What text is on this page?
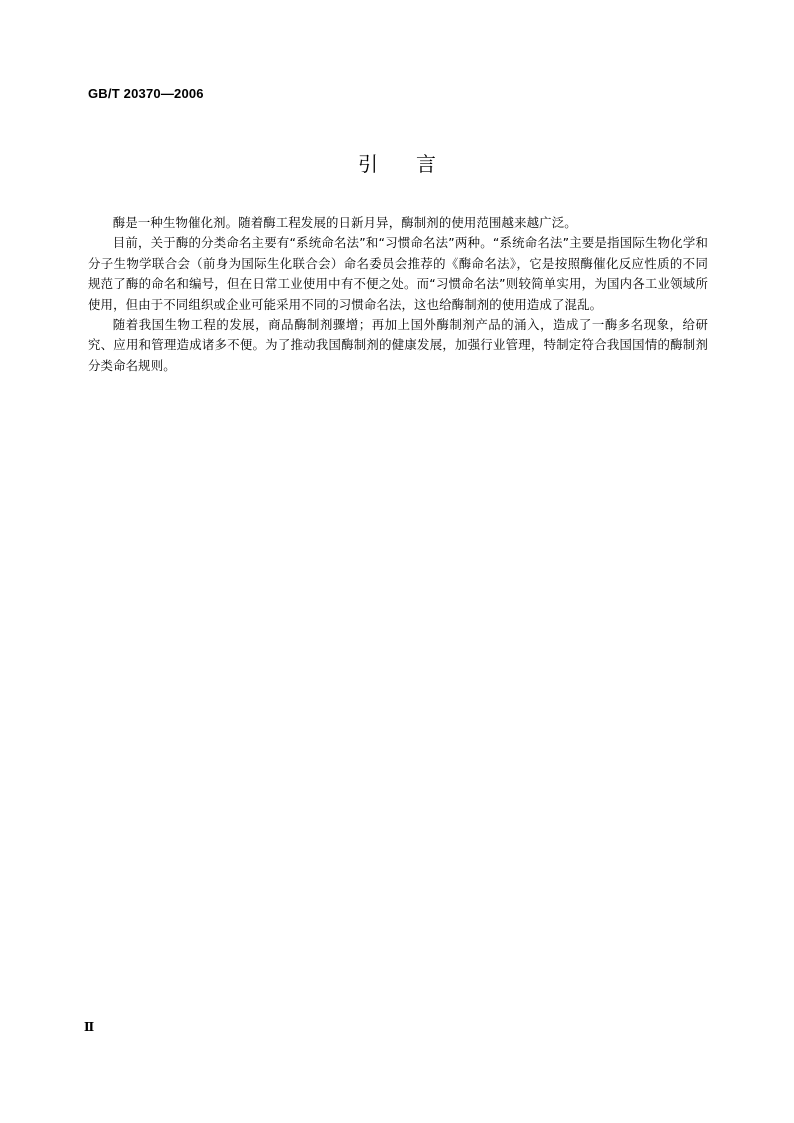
GB/T 20370—2006
引 言

酶是一种生物催化剂。随着酶工程发展的日新月异，酶制剂的使用范围越来越广泛。

目前，关于酶的分类命名主要有“系统命名法”和“习惯命名法”两种。“系统命名法”主要是指国际生物化学和分子生物学联合会（前身为国际生化联合会）命名委员会推荐的《酶命名法》，它是按照酶催化反应性质的不同规范了酶的命名和编号，但在日常工业使用中有不便之处。而“习惯命名法”则较简单实用，为国内各工业领域所使用，但由于不同组织或企业可能采用不同的习惯命名法，这也给酶制剂的使用造成了混乱。

随着我国生物工程的发展，商品酶制剂骤增；再加上国外酶制剂产品的涌入，造成了一酶多名现象，给研究、应用和管理造成诸多不便。为了推动我国酶制剂的健康发展，加强行业管理，特制定符合我国国情的酶制剂分类命名规则。

Ⅱ
